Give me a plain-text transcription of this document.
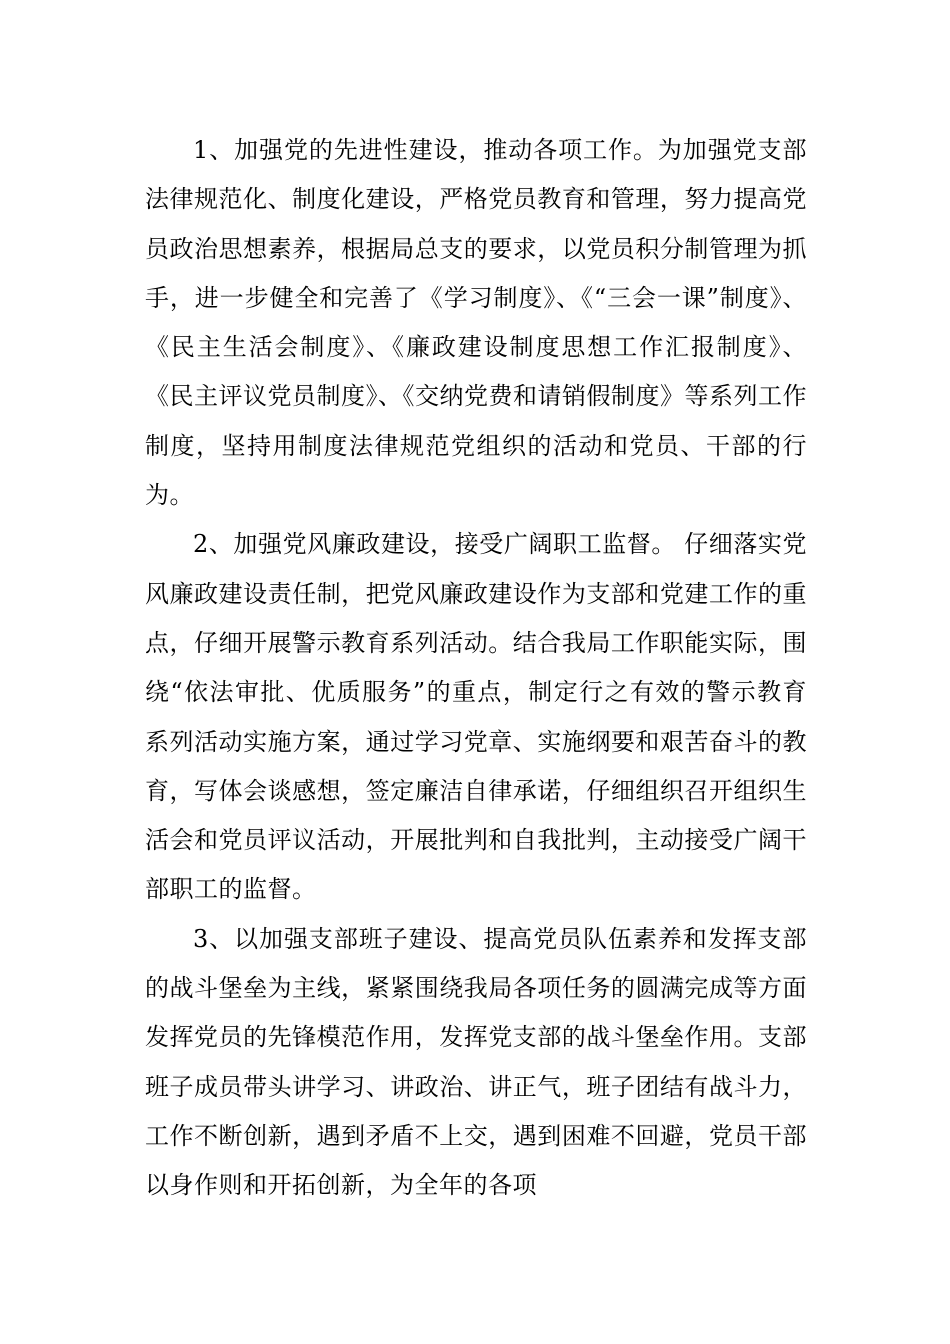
1、加强党的先进性建设，推动各项工作。为加强党支部法律规范化、制度化建设，严格党员教育和管理，努力提高党员政治思想素养，根据局总支的要求，以党员积分制管理为抓手，进一步健全和完善了《学习制度》、《“三会一课”制度》、《民主生活会制度》、《廉政建设制度思想工作汇报制度》、《民主评议党员制度》、《交纳党费和请销假制度》等系列工作制度，坚持用制度法律规范党组织的活动和党员、干部的行为。

2、加强党风廉政建设，接受广阔职工监督。 仔细落实党风廉政建设责任制，把党风廉政建设作为支部和党建工作的重点，仔细开展警示教育系列活动。结合我局工作职能实际，围绕“依法审批、优质服务”的重点，制定行之有效的警示教育系列活动实施方案，通过学习党章、实施纲要和艰苦奋斗的教育，写体会谈感想，签定廉洁自律承诺，仔细组织召开组织生活会和党员评议活动，开展批判和自我批判，主动接受广阔干部职工的监督。

3、以加强支部班子建设、提高党员队伍素养和发挥支部的战斗堡垒为主线，紧紧围绕我局各项任务的圆满完成等方面发挥党员的先锋模范作用，发挥党支部的战斗堡垒作用。支部班子成员带头讲学习、讲政治、讲正气，班子团结有战斗力，工作不断创新，遇到矛盾不上交，遇到困难不回避，党员干部以身作则和开拓创新，为全年的各项
